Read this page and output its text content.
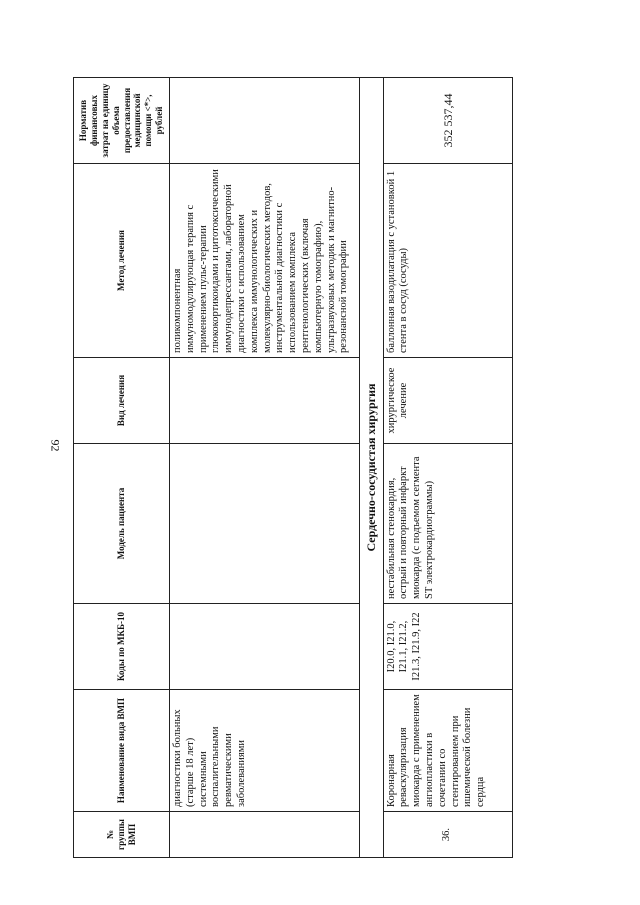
92
№ группы ВМП	Наименование вида ВМП	Коды по МКБ-10	Модель пациента	Вид лечения	Метод лечения	Норматив финансовых затрат на единицу объема предоставления медицинской помощи <*>, рублей
	диагностики больных (старше 18 лет) системными воспалительными ревматическими заболеваниями				поликомпонентная иммуномодулирующая терапия с применением пульс-терапии глюкокортикоидами и цитотоксическими иммунодепрессантами, лабораторной диагностики с использованием комплекса иммунологических и молекулярно-биологических методов, инструментальной диагностики с использованием комплекса рентгенологических (включая компьютерную томографию), ультразвуковых методик и магнитно-резонансной томографии	
Сердечно-сосудистая хирургия						
36.	Коронарная реваскуляризация миокарда с применением ангиопластики в сочетании со стентированием при ишемической болезни сердца	I20.0, I21.0, I21.1, I21.2, I21.3, I21.9, I22	нестабильная стенокардия, острый и повторный инфаркт миокарда (с подъемом сегмента ST электрокардиограммы)	хирургическое лечение	баллонная вазодилатация с установкой 1 стента в сосуд (сосуды)	352 537,44
